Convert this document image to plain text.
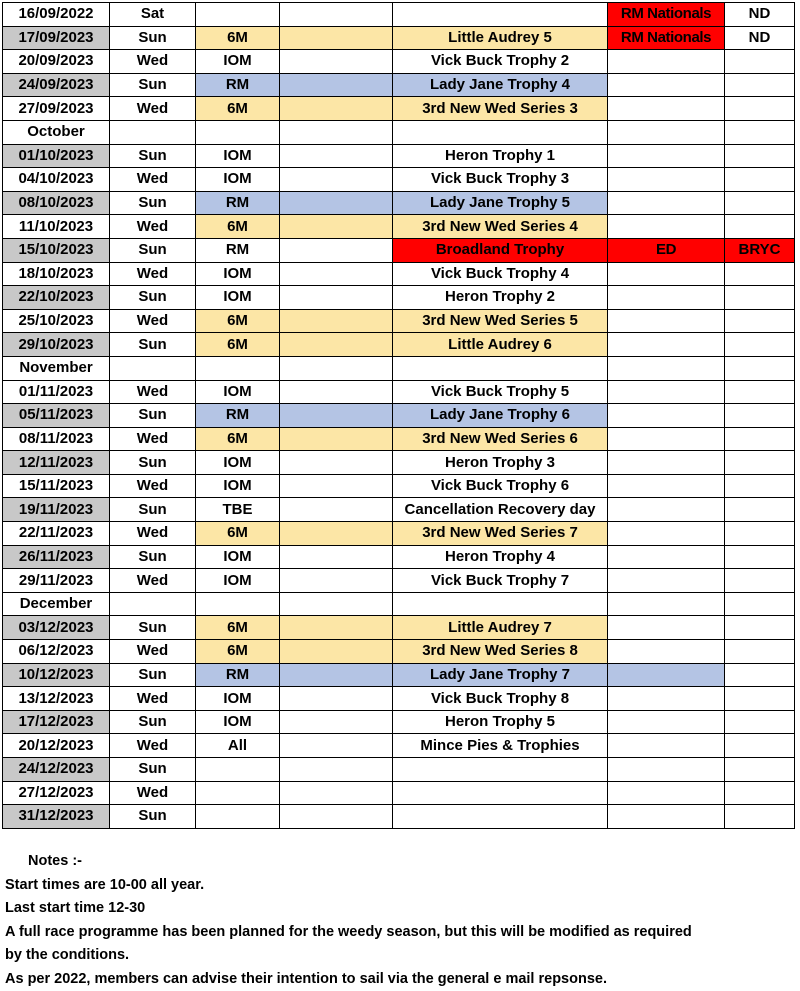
16/09/2022	Sat				RM Nationals	ND
17/09/2023	Sun	6M		Little Audrey 5	RM Nationals	ND
20/09/2023	Wed	IOM		Vick Buck Trophy 2		
24/09/2023	Sun	RM		Lady Jane Trophy 4		
27/09/2023	Wed	6M		3rd New Wed Series 3		
October						
01/10/2023	Sun	IOM		Heron Trophy 1		
04/10/2023	Wed	IOM		Vick Buck Trophy 3		
08/10/2023	Sun	RM		Lady Jane Trophy 5		
11/10/2023	Wed	6M		3rd New Wed Series 4		
15/10/2023	Sun	RM		Broadland Trophy	ED	BRYC
18/10/2023	Wed	IOM		Vick Buck Trophy 4		
22/10/2023	Sun	IOM		Heron Trophy 2		
25/10/2023	Wed	6M		3rd New Wed Series 5		
29/10/2023	Sun	6M		Little Audrey 6		
November						
01/11/2023	Wed	IOM		Vick Buck Trophy 5		
05/11/2023	Sun	RM		Lady Jane Trophy 6		
08/11/2023	Wed	6M		3rd New Wed Series 6		
12/11/2023	Sun	IOM		Heron Trophy 3		
15/11/2023	Wed	IOM		Vick Buck Trophy 6		
19/11/2023	Sun	TBE		Cancellation Recovery day		
22/11/2023	Wed	6M		3rd New Wed Series 7		
26/11/2023	Sun	IOM		Heron Trophy 4		
29/11/2023	Wed	IOM		Vick Buck Trophy 7		
December						
03/12/2023	Sun	6M		Little Audrey 7		
06/12/2023	Wed	6M		3rd New Wed Series 8		
10/12/2023	Sun	RM		Lady Jane Trophy 7		
13/12/2023	Wed	IOM		Vick Buck Trophy 8		
17/12/2023	Sun	IOM		Heron Trophy 5		
20/12/2023	Wed	All		Mince Pies & Trophies		
24/12/2023	Sun					
27/12/2023	Wed					
31/12/2023	Sun					
Notes :-
Start times are 10-00 all year.
Last start time 12-30
A full race programme has been planned for the weedy season, but this will be modified as required
by the conditions.
As per 2022, members can advise their intention to sail via the general e mail repsonse.
